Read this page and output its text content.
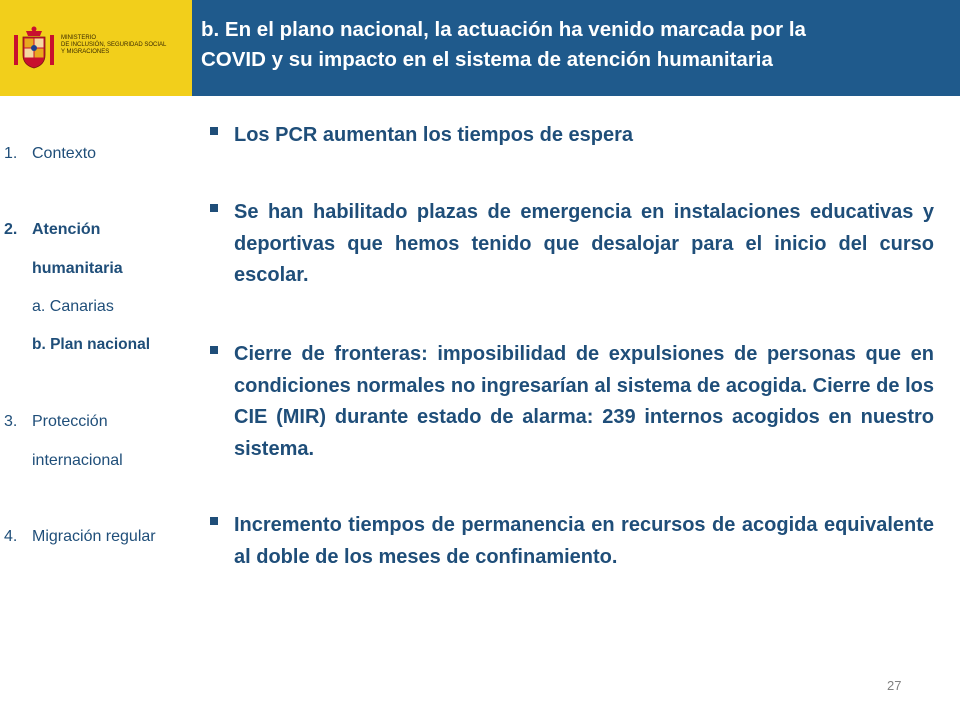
MINISTERIO
DE INCLUSIÓN, SEGURIDAD SOCIAL
Y MIGRACIONES
b. En el plano nacional, la actuación ha venido marcada por la
COVID y su impacto en el sistema de atención humanitaria
1. Contexto
2. Atención
humanitaria
a. Canarias
b. Plan nacional
3. Protección
internacional
4. Migración regular
Los PCR aumentan los tiempos de espera
Se han habilitado plazas de emergencia en instalaciones educativas y deportivas que hemos tenido que desalojar para el inicio del curso escolar.
Cierre de fronteras: imposibilidad de expulsiones de personas que en condiciones normales no ingresarían al sistema de acogida. Cierre de los CIE (MIR) durante estado de alarma: 239 internos acogidos en nuestro sistema.
Incremento tiempos de permanencia en recursos de acogida equivalente al doble de los meses de confinamiento.
27
